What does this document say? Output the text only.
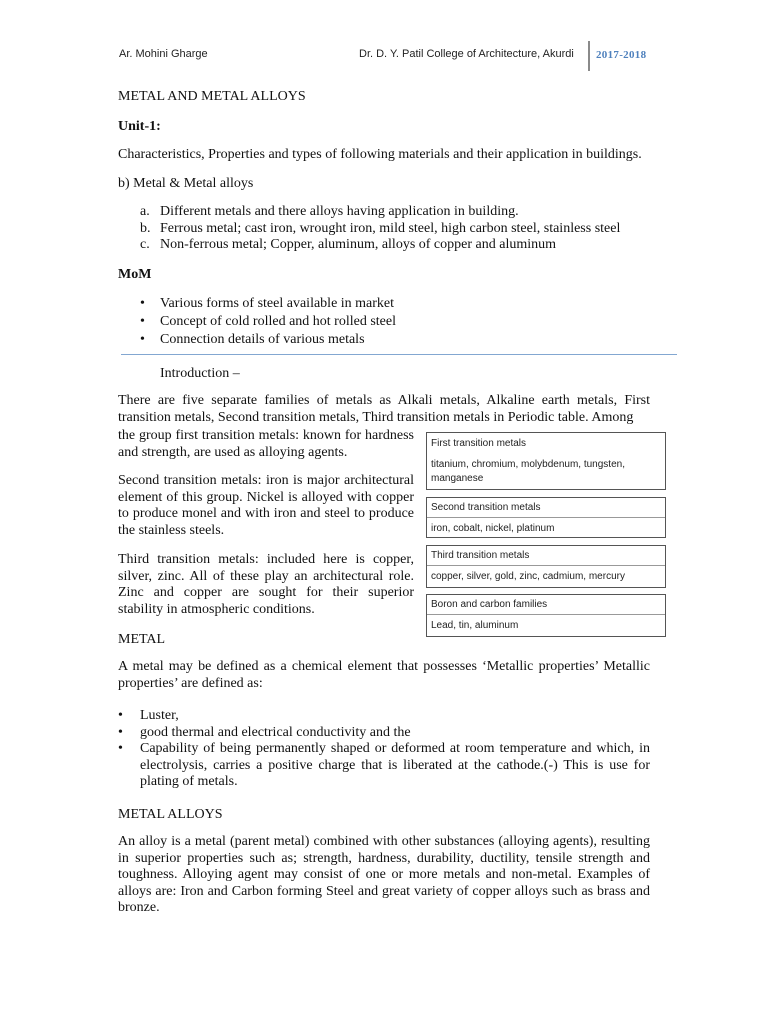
Ar. Mohini Gharge	Dr. D. Y. Patil College of Architecture, Akurdi 2017-2018
METAL AND METAL ALLOYS
Unit-1:
Characteristics, Properties and types of following materials and their application in buildings.
b) Metal & Metal alloys
a. Different metals and there alloys having application in building.
b. Ferrous metal; cast iron, wrought iron, mild steel, high carbon steel, stainless steel
c. Non-ferrous metal; Copper, aluminum, alloys of copper and aluminum
MoM
• Various forms of steel available in market
• Concept of cold rolled and hot rolled steel
• Connection details of various metals
Introduction –
There are five separate families of metals as Alkali metals, Alkaline earth metals, First transition metals, Second transition metals, Third transition metals in Periodic table. Among
the group first transition metals: known for hardness and strength, are used as alloying agents.
Second transition metals: iron is major architectural element of this group. Nickel is alloyed with copper to produce monel and with iron and steel to produce the stainless steels.
Third transition metals: included here is copper, silver, zinc. All of these play an architectural role. Zinc and copper are sought for their superior stability in atmospheric conditions.
First transition metals
titanium, chromium, molybdenum, tungsten,
manganese
Second transition metals
iron, cobalt, nickel, platinum
Third transition metals
copper, silver, gold, zinc, cadmium, mercury
Boron and carbon families
Lead, tin, aluminum
METAL
A metal may be defined as a chemical element that possesses ‘Metallic properties’ Metallic properties’ are defined as:
• Luster,
• good thermal and electrical conductivity and the
• Capability of being permanently shaped or deformed at room temperature and which, in electrolysis, carries a positive charge that is liberated at the cathode.(-) This is use for plating of metals.
METAL ALLOYS
An alloy is a metal (parent metal) combined with other substances (alloying agents), resulting in superior properties such as; strength, hardness, durability, ductility, tensile strength and toughness. Alloying agent may consist of one or more metals and non-metal. Examples of alloys are: Iron and Carbon forming Steel and great variety of copper alloys such as brass and bronze.
